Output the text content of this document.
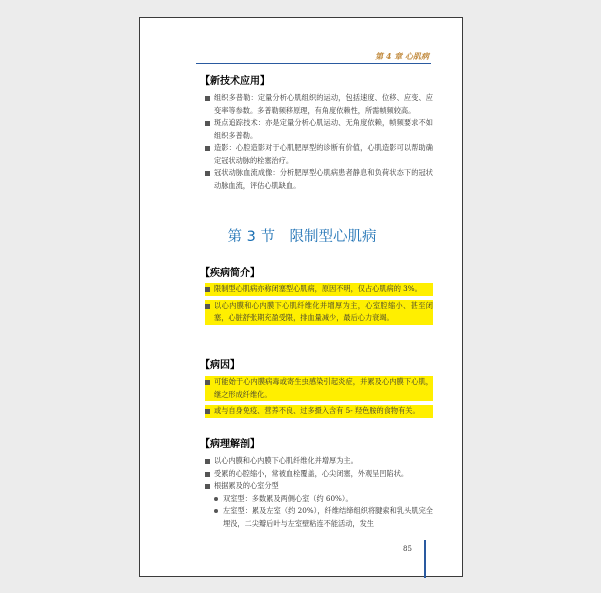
第 4 章 心肌病
【新技术应用】
组织多普勒：定量分析心肌组织的运动，包括速度、位移、应变、应变率等参数。多普勒频移原理，有角度依赖性，所需帧频较高。
斑点追踪技术：亦是定量分析心肌运动、无角度依赖，帧频要求不如组织多普勒。
造影：心腔造影对于心肌肥厚型的诊断有价值，心肌造影可以帮助确定冠状动脉的栓塞治疗。
冠状动脉血流成像：分析肥厚型心肌病患者静息和负荷状态下的冠状动脉血流，评估心肌缺血。
第 3 节　限制型心肌病
【疾病简介】
限制型心肌病亦称闭塞型心肌病，原因不明，仅占心肌病的 3%。
以心内膜和心内膜下心肌纤维化并增厚为主，心室腔缩小、甚至闭塞，心脏舒张期充盈受限，排血量减少，最后心力衰竭。
【病因】
可能始于心内膜病毒或寄生虫感染引起炎症，并累及心内膜下心肌，继之形成纤维化。
或与自身免疫、营养不良、过多摄入含有 5- 羟色胺的食物有关。
【病理解剖】
以心内膜和心内膜下心肌纤维化并增厚为主。
受累的心腔缩小，常被血栓覆盖，心尖闭塞，外观呈凹陷状。
根据累及的心室分型
双室型：多数累及两侧心室（约 60%）。
左室型：累及左室（约 20%），纤维结缔组织将腱索和乳头肌完全埋没，二尖瓣后叶与左室壁粘连不能活动，发生
85
